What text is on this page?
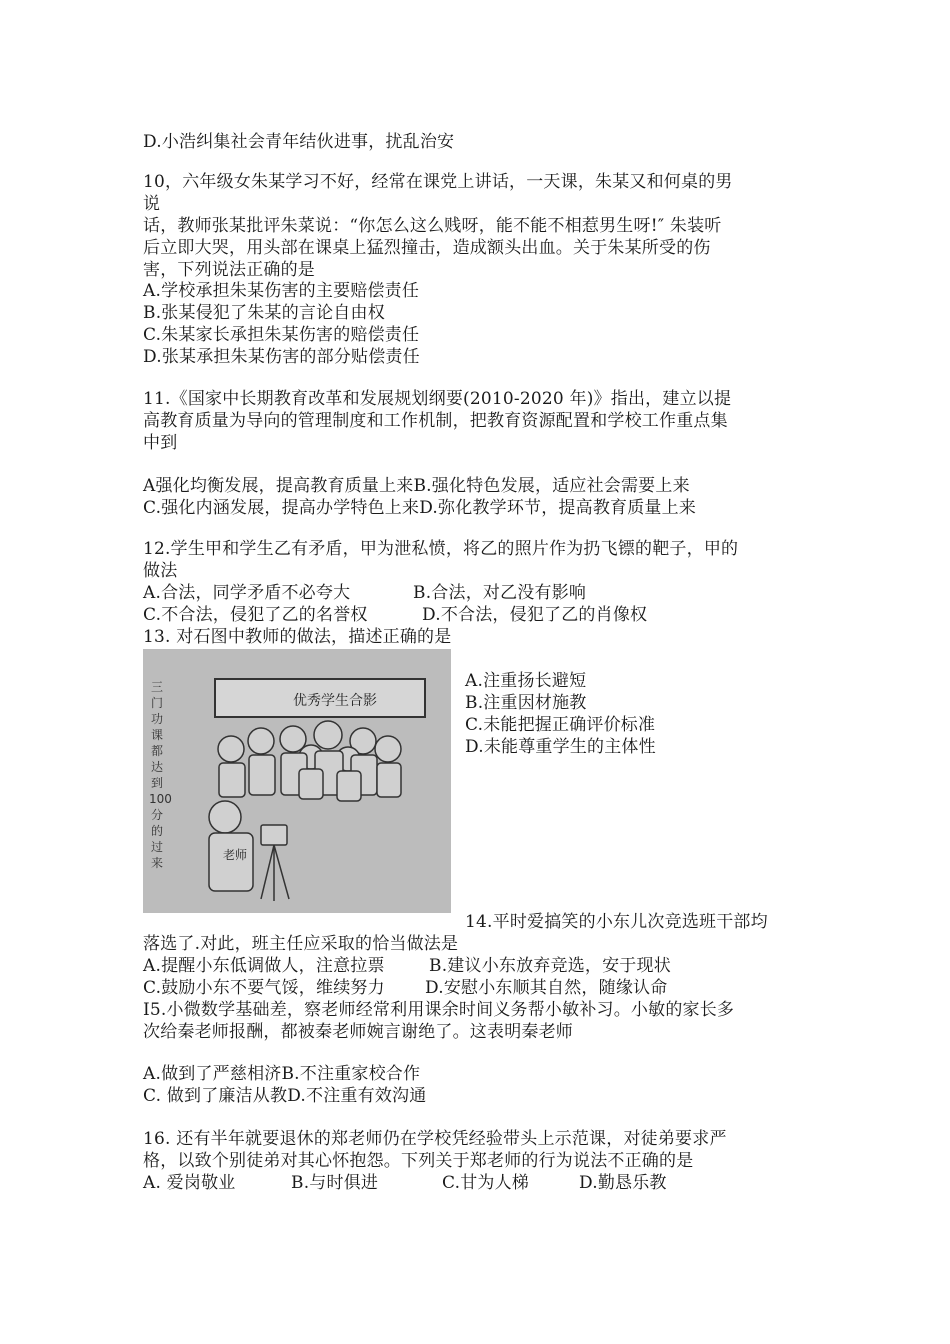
D.小浩纠集社会青年结伙进事，扰乱治安
10，六年级女朱某学习不好，经常在课党上讲话，一天课，朱某又和何桌的男
说
话，教师张某批评朱菜说：“你怎么这么贱呀，能不能不相惹男生呀!″ 朱装听
后立即大哭，用头部在课桌上猛烈撞击，造成额头出血。关于朱某所受的伤
害，下列说法正确的是
A.学校承担朱某伤害的主要赔偿责任
B.张某侵犯了朱某的言论自由权
C.朱某家长承担朱某伤害的赔偿责任
D.张某承担朱某伤害的部分贴偿责任
11.《国家中长期教育改革和发展规划纲要(2010-2020 年)》指出，建立以提
高教育质量为导向的管理制度和工作机制，把教育资源配置和学校工作重点集
中到
A强化均衡发展，提高教育质量上来B.强化特色发展，适应社会需要上来
C.强化内涵发展，提高办学特色上来D.弥化教学环节，提高教育质量上来
12.学生甲和学生乙有矛盾，甲为泄私愤，将乙的照片作为扔飞镖的靶子，甲的
做法
A.合法，同学矛盾不必夸大	B.合法，对乙没有影响
C.不合法，侵犯了乙的名誉权	D.不合法，侵犯了乙的肖像权
13. 对石图中教师的做法，描述正确的是
优秀学生合影
三门功 课都达 到 100 分 的过来
老师
A.注重扬长避短
B.注重因材施教
C.未能把握正确评价标准
D.未能尊重学生的主体性
14.平时爱搞笑的小东儿次竞选班干部均
落选了.对此，班主任应采取的恰当做法是
A.提醒小东低调做人，注意拉票	B.建议小东放弃竞选，安于现状
C.鼓励小东不要气馁，维续努力 D.安慰小东顺其自然，随缘认命
I5.小微数学基础差，察老师经常利用课余时间义务帮小敏补习。小敏的家长多
次给秦老师报酬，都被秦老师婉言谢绝了。这表明秦老师
A.做到了严慈相济B.不注重家校合作
C. 做到了廉洁从教D.不注重有效沟通
16. 还有半年就要退休的郑老师仍在学校凭经验带头上示范课，对徒弟要求严
格，以致个别徒弟对其心怀抱怨。下列关于郑老师的行为说法不正确的是
A. 爱岗敬业	B.与时俱进	C.甘为人梯	D.勤恳乐教
